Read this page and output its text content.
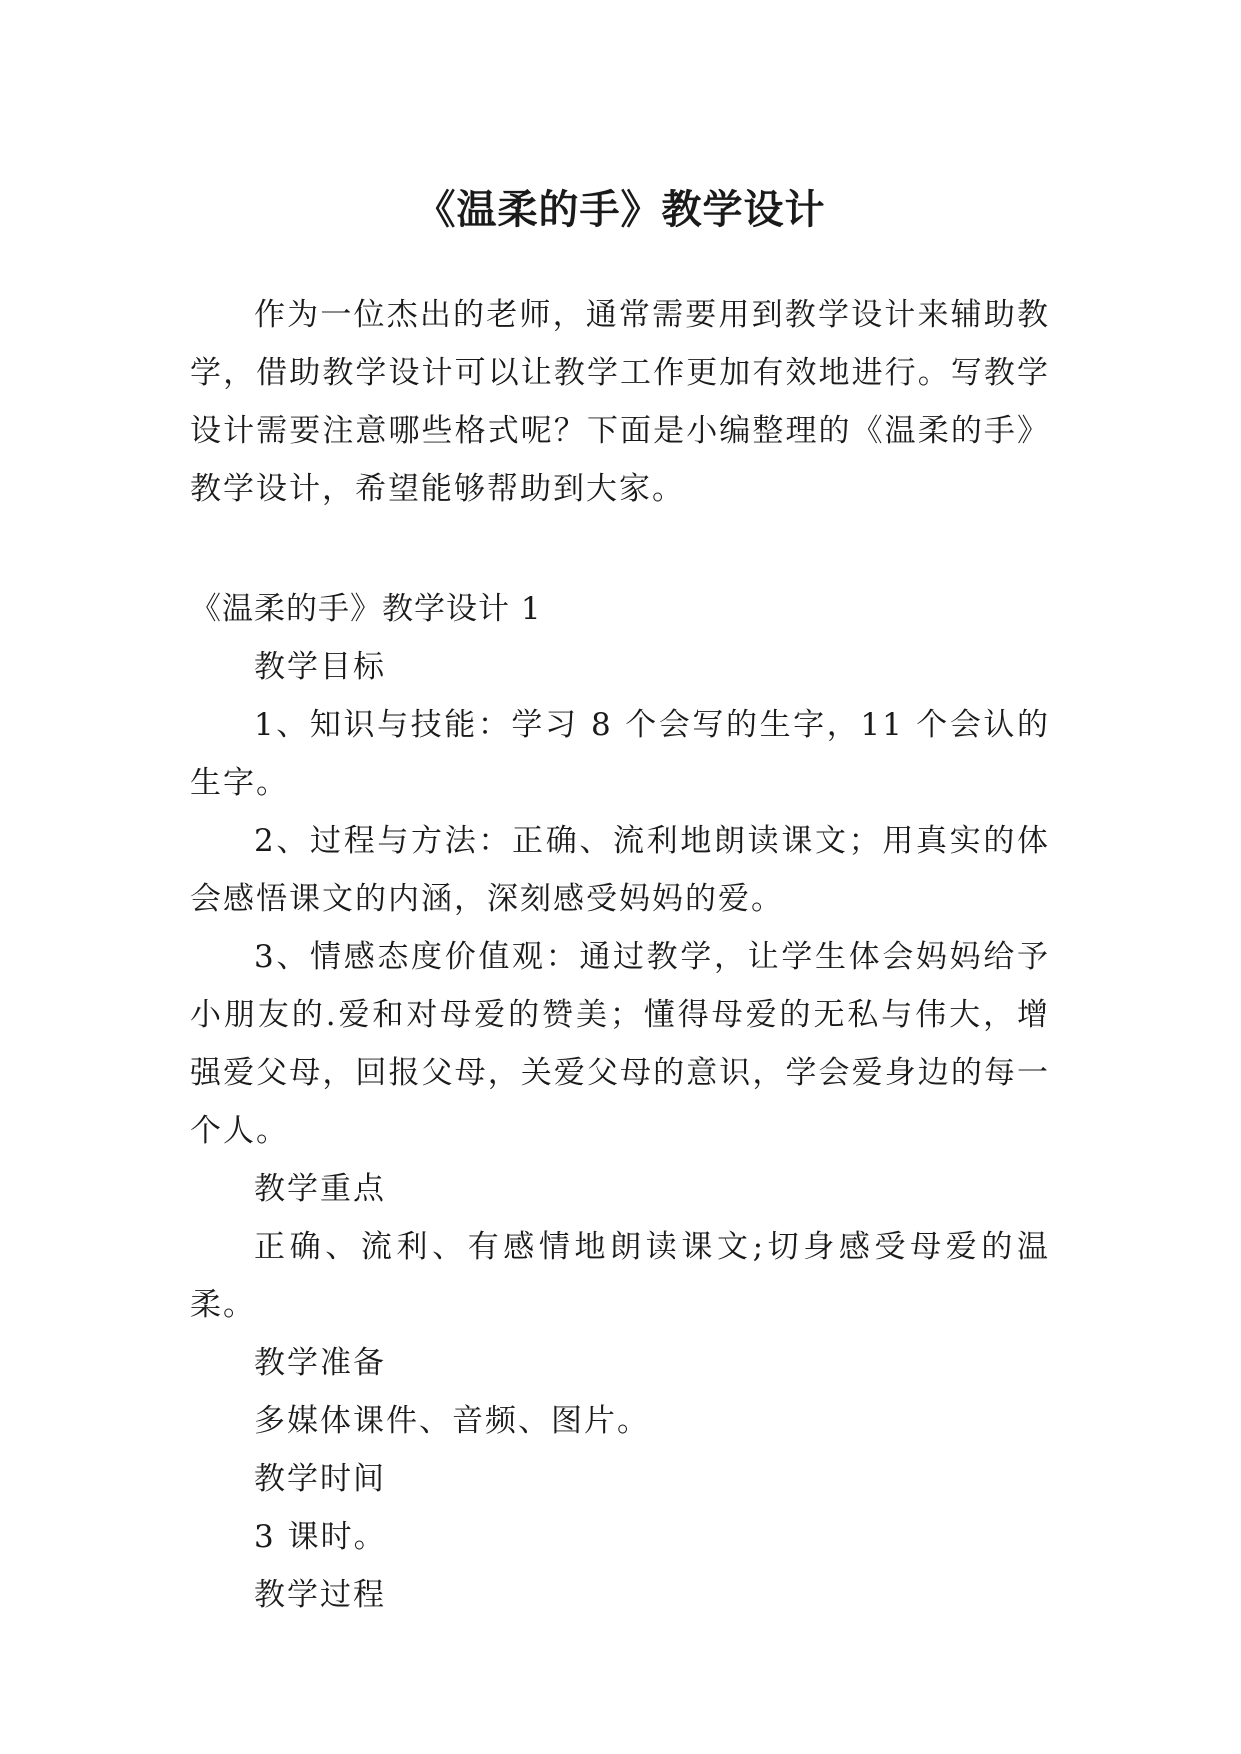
《温柔的手》教学设计

作为一位杰出的老师，通常需要用到教学设计来辅助教学，借助教学设计可以让教学工作更加有效地进行。写教学设计需要注意哪些格式呢？下面是小编整理的《温柔的手》教学设计，希望能够帮助到大家。

《温柔的手》教学设计 1

教学目标

1、知识与技能：学习 8 个会写的生字，11 个会认的生字。

2、过程与方法：正确、流利地朗读课文；用真实的体会感悟课文的内涵，深刻感受妈妈的爱。

3、情感态度价值观：通过教学，让学生体会妈妈给予小朋友的.爱和对母爱的赞美；懂得母爱的无私与伟大，增强爱父母，回报父母，关爱父母的意识，学会爱身边的每一个人。

教学重点

正确、流利、有感情地朗读课文;切身感受母爱的温柔。

教学准备

多媒体课件、音频、图片。

教学时间

3 课时。

教学过程
